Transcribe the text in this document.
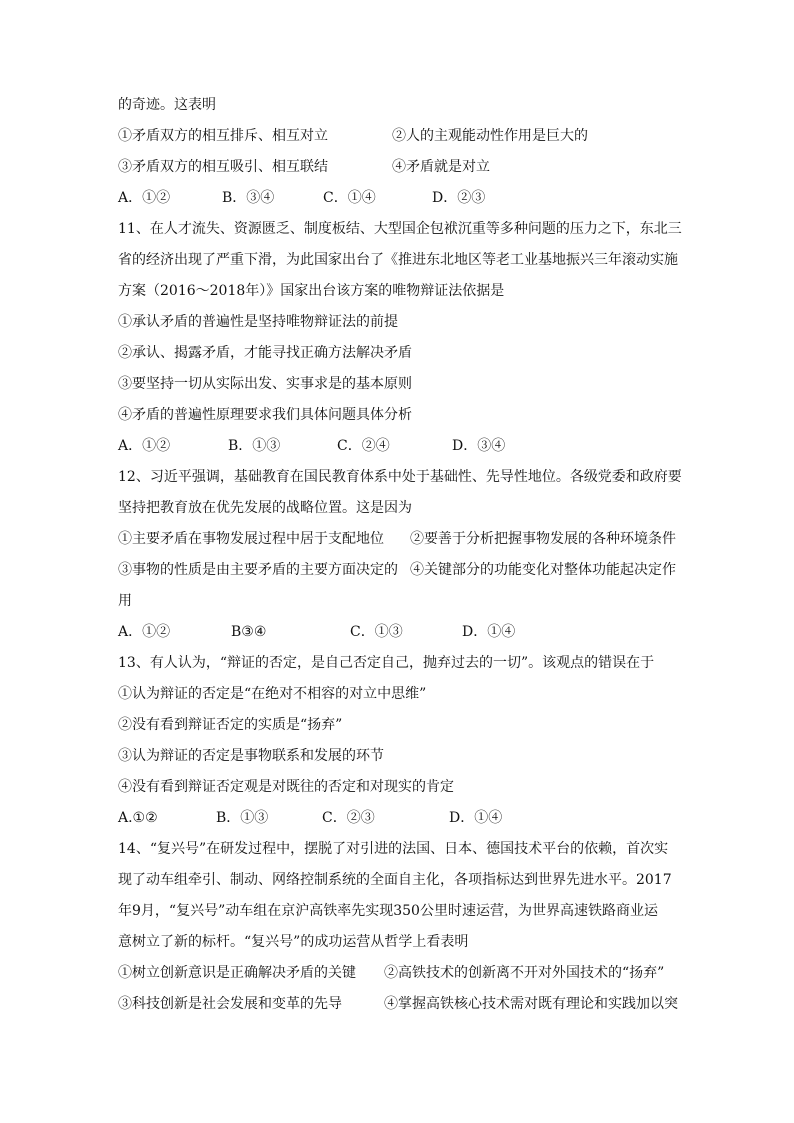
的奇迹。这表明
①矛盾双方的相互排斥、相互对立	②人的主观能动性作用是巨大的
③矛盾双方的相互吸引、相互联结	④矛盾就是对立
A．①②	B．③④	C．①④	D．②③
11、在人才流失、资源匮乏、制度板结、大型国企包袱沉重等多种问题的压力之下，东北三
省的经济出现了严重下滑，为此国家出台了《推进东北地区等老工业基地振兴三年滚动实施
方案（2016～2018年）》国家出台该方案的唯物辩证法依据是
①承认矛盾的普遍性是坚持唯物辩证法的前提
②承认、揭露矛盾，才能寻找正确方法解决矛盾
③要坚持一切从实际出发、实事求是的基本原则
④矛盾的普遍性原理要求我们具体问题具体分析
A．①②	B．①③	C．②④	D．③④
12、习近平强调，基础教育在国民教育体系中处于基础性、先导性地位。各级党委和政府要
坚持把教育放在优先发展的战略位置。这是因为
①主要矛盾在事物发展过程中居于支配地位 ②要善于分析把握事物发展的各种环境条件
③事物的性质是由主要矛盾的主要方面决定的 ④关键部分的功能变化对整体功能起决定作
用
A．①②	B③④	C．①③	D．①④
13、有人认为，“辩证的否定，是自己否定自己，抛弃过去的一切”。该观点的错误在于
①认为辩证的否定是“在绝对不相容的对立中思维”
②没有看到辩证否定的实质是“扬弃”
③认为辩证的否定是事物联系和发展的环节
④没有看到辩证否定观是对既往的否定和对现实的肯定
A.①②	B．①③	C．②③	D．①④
14、“复兴号”在研发过程中，摆脱了对引进的法国、日本、德国技术平台的依赖，首次实
现了动车组牵引、制动、网络控制系统的全面自主化，各项指标达到世界先进水平。2017
年9月，“复兴号”动车组在京沪高铁率先实现350公里时速运营，为世界高速铁路商业运
意树立了新的标杆。“复兴号”的成功运营从哲学上看表明
①树立创新意识是正确解决矛盾的关键 ②高铁技术的创新离不开对外国技术的“扬弃”
③科技创新是社会发展和变革的先导	④掌握高铁核心技术需对既有理论和实践加以突
